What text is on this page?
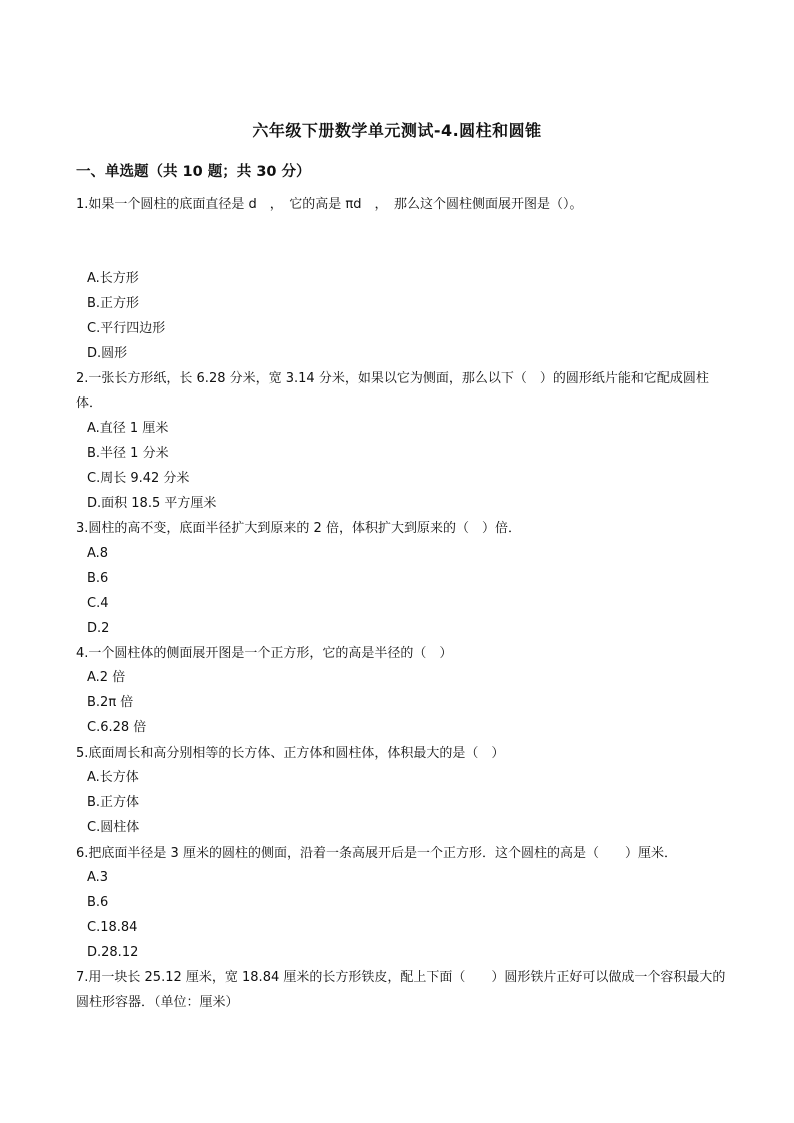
六年级下册数学单元测试-4.圆柱和圆锥
一、单选题（共 10 题；共 30 分）
1.如果一个圆柱的底面直径是 d　，　它的高是 πd　，　那么这个圆柱侧面展开图是（）。
A.长方形
B.正方形
C.平行四边形
D.圆形
2.一张长方形纸，长 6.28 分米，宽 3.14 分米，如果以它为侧面，那么以下（　）的圆形纸片能和它配成圆柱体．
A.直径 1 厘米
B.半径 1 分米
C.周长 9.42 分米
D.面积 18.5 平方厘米
3.圆柱的高不变，底面半径扩大到原来的 2 倍，体积扩大到原来的（　）倍．
A.8
B.6
C.4
D.2
4.一个圆柱体的侧面展开图是一个正方形，它的高是半径的（　）
A.2 倍
B.2π 倍
C.6.28 倍
5.底面周长和高分别相等的长方体、正方体和圆柱体，体积最大的是（　）
A.长方体
B.正方体
C.圆柱体
6.把底面半径是 3 厘米的圆柱的侧面，沿着一条高展开后是一个正方形．这个圆柱的高是（　　）厘米．
A.3
B.6
C.18.84
D.28.12
7.用一块长 25.12 厘米，宽 18.84 厘米的长方形铁皮，配上下面（　　）圆形铁片正好可以做成一个容积最大的圆柱形容器．（单位：厘米）
